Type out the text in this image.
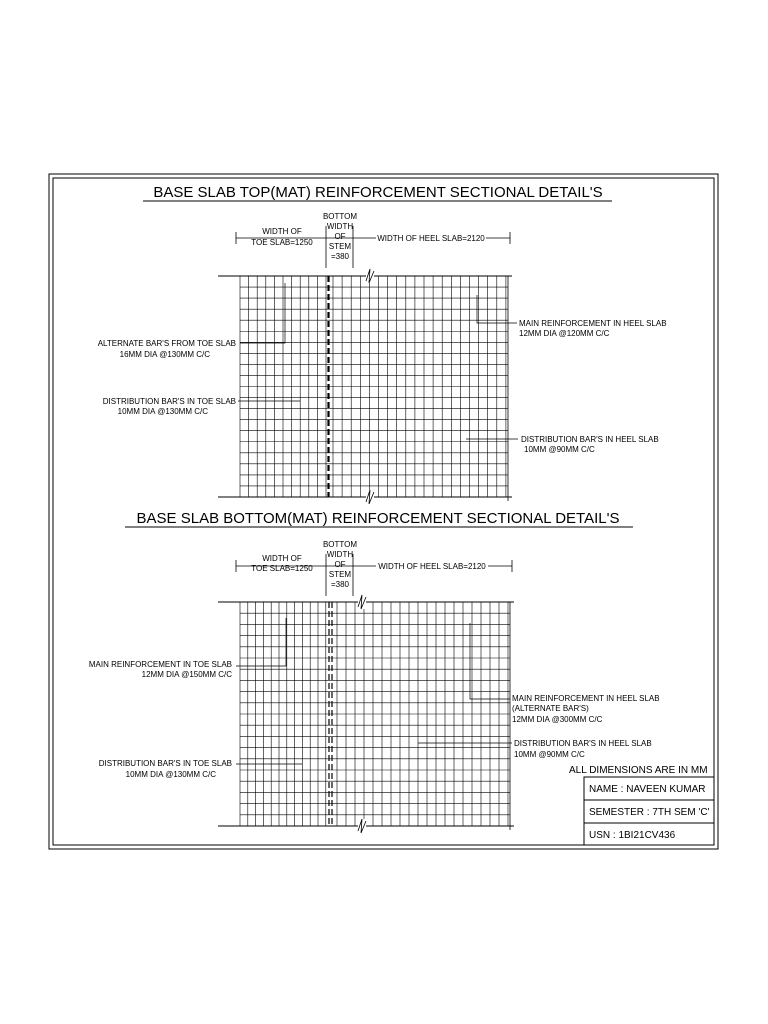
BASE SLAB TOP(MAT) REINFORCEMENT SECTIONAL DETAIL'S
WIDTH OF
TOE SLAB=1250
BOTTOM
WIDTH
OF
STEM
=380
WIDTH OF HEEL SLAB=2120
ALTERNATE BAR'S FROM TOE SLAB
16MM DIA @130MM C/C
DISTRIBUTION BAR'S IN TOE SLAB
10MM DIA @130MM C/C
MAIN REINFORCEMENT IN HEEL SLAB
12MM DIA @120MM C/C
DISTRIBUTION BAR'S IN HEEL SLAB
10MM @90MM C/C
BASE SLAB BOTTOM(MAT) REINFORCEMENT SECTIONAL DETAIL'S
WIDTH OF
TOE SLAB=1250
BOTTOM
WIDTH
OF
STEM
=380
WIDTH OF HEEL SLAB=2120
MAIN REINFORCEMENT IN TOE SLAB
12MM DIA @150MM C/C
MAIN REINFORCEMENT IN HEEL SLAB
(ALTERNATE BAR'S)
12MM DIA @300MM C/C
DISTRIBUTION BAR'S IN HEEL SLAB
10MM @90MM C/C
DISTRIBUTION BAR'S IN TOE SLAB
10MM DIA @130MM C/C	ALL DIMENSIONS ARE IN MM
NAME : NAVEEN KUMAR
SEMESTER : 7TH SEM 'C'
USN : 1BI21CV436
